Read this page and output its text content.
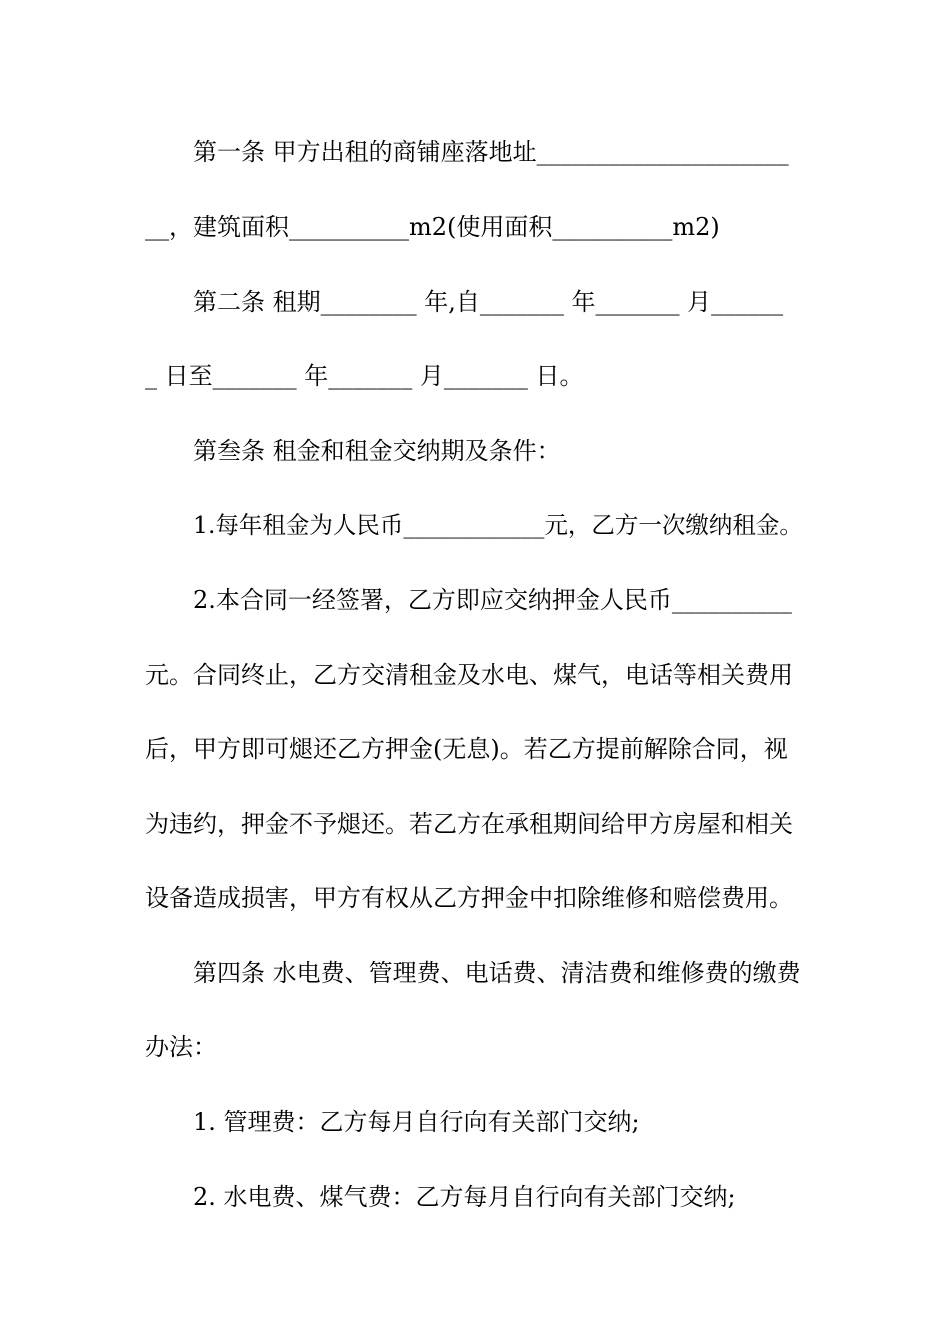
第一条 甲方出租的商铺座落地址_____________________
__，建筑面积__________m2(使用面积__________m2)
第二条 租期________ 年,自_______ 年_______ 月______
_ 日至_______ 年_______ 月_______ 日。
第叁条 租金和租金交纳期及条件：
1.每年租金为人民币____________元，乙方一次缴纳租金。
2.本合同一经签署，乙方即应交纳押金人民币__________
元。合同终止，乙方交清租金及水电、煤气，电话等相关费用
后，甲方即可煺还乙方押金(无息)。若乙方提前解除合同，视
为违约，押金不予煺还。若乙方在承租期间给甲方房屋和相关
设备造成损害，甲方有权从乙方押金中扣除维修和赔偿费用。
第四条 水电费、管理费、电话费、清洁费和维修费的缴费
办法：
1. 管理费：乙方每月自行向有关部门交纳;
2. 水电费、煤气费：乙方每月自行向有关部门交纳;
